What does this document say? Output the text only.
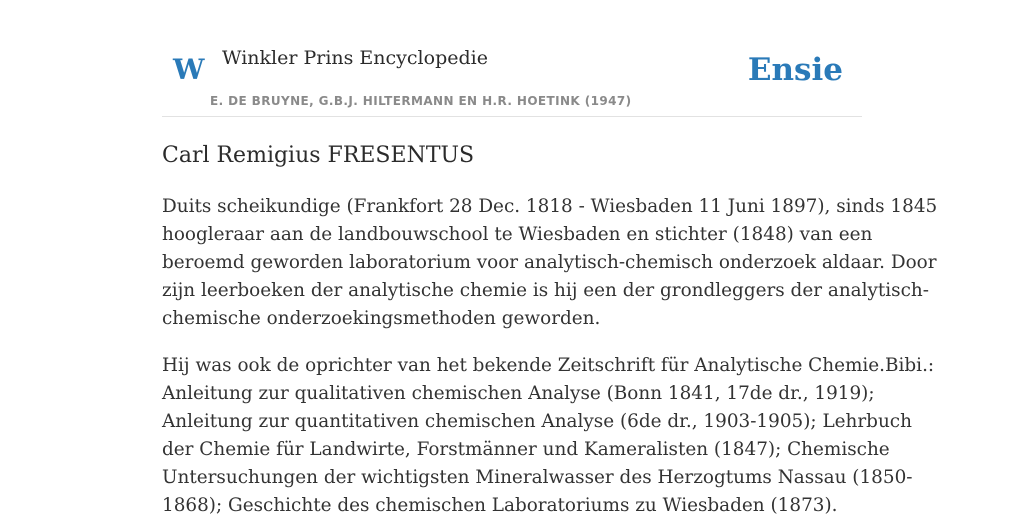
W Winkler Prins Encyclopedie
E. DE BRUYNE, G.B.J. HILTERMANN EN H.R. HOETINK (1947)
Ensie
Carl Remigius FRESENTUS

Duits scheikundige (Frankfort 28 Dec. 1818 - Wiesbaden 11 Juni 1897), sinds 1845
hoogleraar aan de landbouwschool te Wiesbaden en stichter (1848) van een
beroemd geworden laboratorium voor analytisch-chemisch onderzoek aldaar. Door
zijn leerboeken der analytische chemie is hij een der grondleggers der analytisch-
chemische onderzoekingsmethoden geworden.

Hij was ook de oprichter van het bekende Zeitschrift für Analytische Chemie.Bibi.:
Anleitung zur qualitativen chemischen Analyse (Bonn 1841, 17de dr., 1919);
Anleitung zur quantitativen chemischen Analyse (6de dr., 1903-1905); Lehrbuch
der Chemie für Landwirte, Forstmänner und Kameralisten (1847); Chemische
Untersuchungen der wichtigsten Mineralwasser des Herzogtums Nassau (1850-
1868); Geschichte des chemischen Laboratoriums zu Wiesbaden (1873).
